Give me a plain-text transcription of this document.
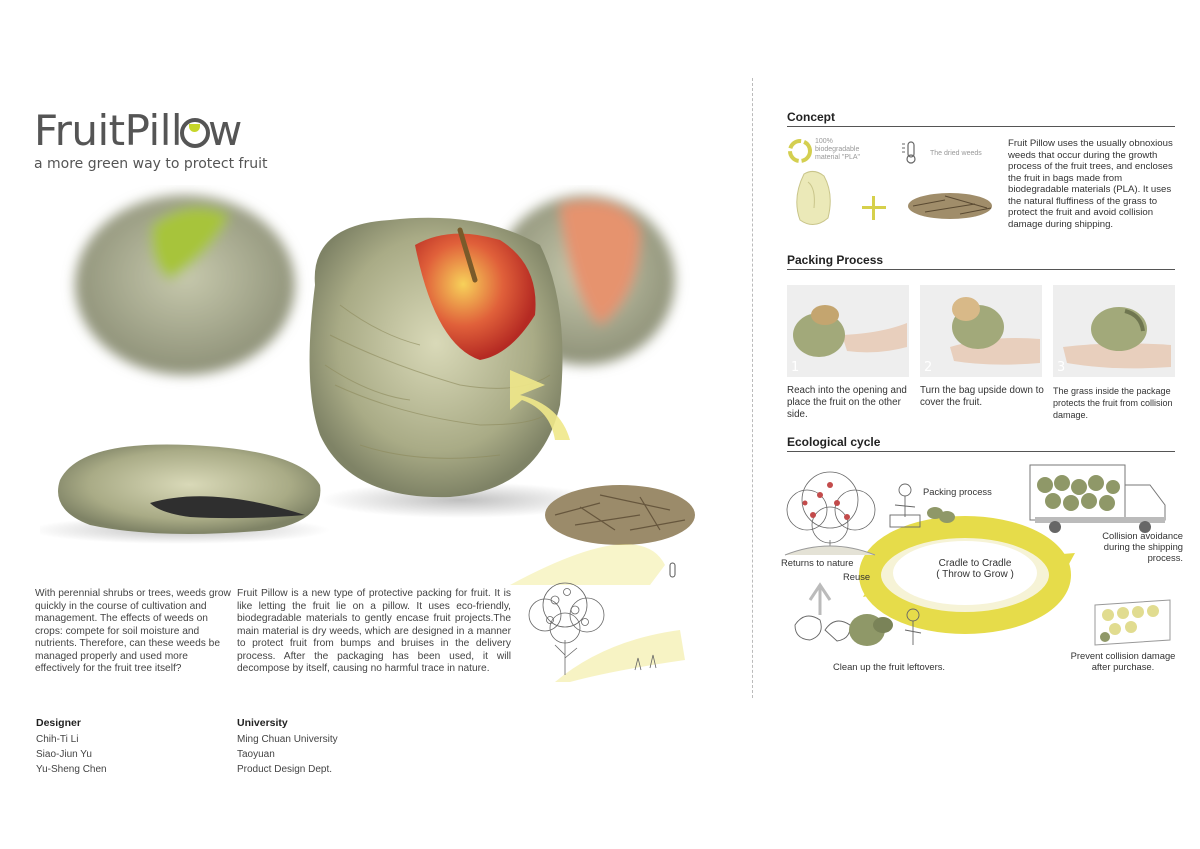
FruitPill w
a more green way to protect fruit
With perennial shrubs or trees, weeds grow quickly in the course of cultivation and management. The effects of weeds on crops: compete for soil moisture and nutrients. Therefore, can these weeds be managed properly and used more effectively for the fruit tree itself?
Fruit Pillow is a new type of protective packing for fruit. It is like letting the fruit lie on a pillow. It uses eco-friendly, biodegradable materials to gently encase fruit projects.The main material is dry weeds, which are designed in a manner to protect fruit from bumps and bruises in the delivery process. After the packaging has been used, it will decompose by itself, causing no harmful trace in nature.
Designer
Chih-Ti Li
Siao-Jiun Yu
Yu-Sheng Chen
University
Ming Chuan University
Taoyuan
Product Design Dept.
Concept
100%
biodegradable
material "PLA"
The dried weeds
Fruit Pillow uses the usually obnoxious weeds that occur during the growth process of the fruit trees, and encloses the fruit in bags made from biodegradable materials (PLA). It uses the natural fluffiness of the grass to protect the fruit and avoid collision damage during shipping.
Packing Process
1	2	3
Reach into the opening and place the fruit on the other side.
Turn the bag upside down to cover the fruit.
The grass inside the package protects the fruit from collision damage.
Ecological cycle
Cradle to Cradle
( Throw to Grow )
Packing process
Collision avoidance during the shipping process.
Returns to nature
Reuse
Clean up the fruit leftovers.
Prevent collision damage after purchase.
